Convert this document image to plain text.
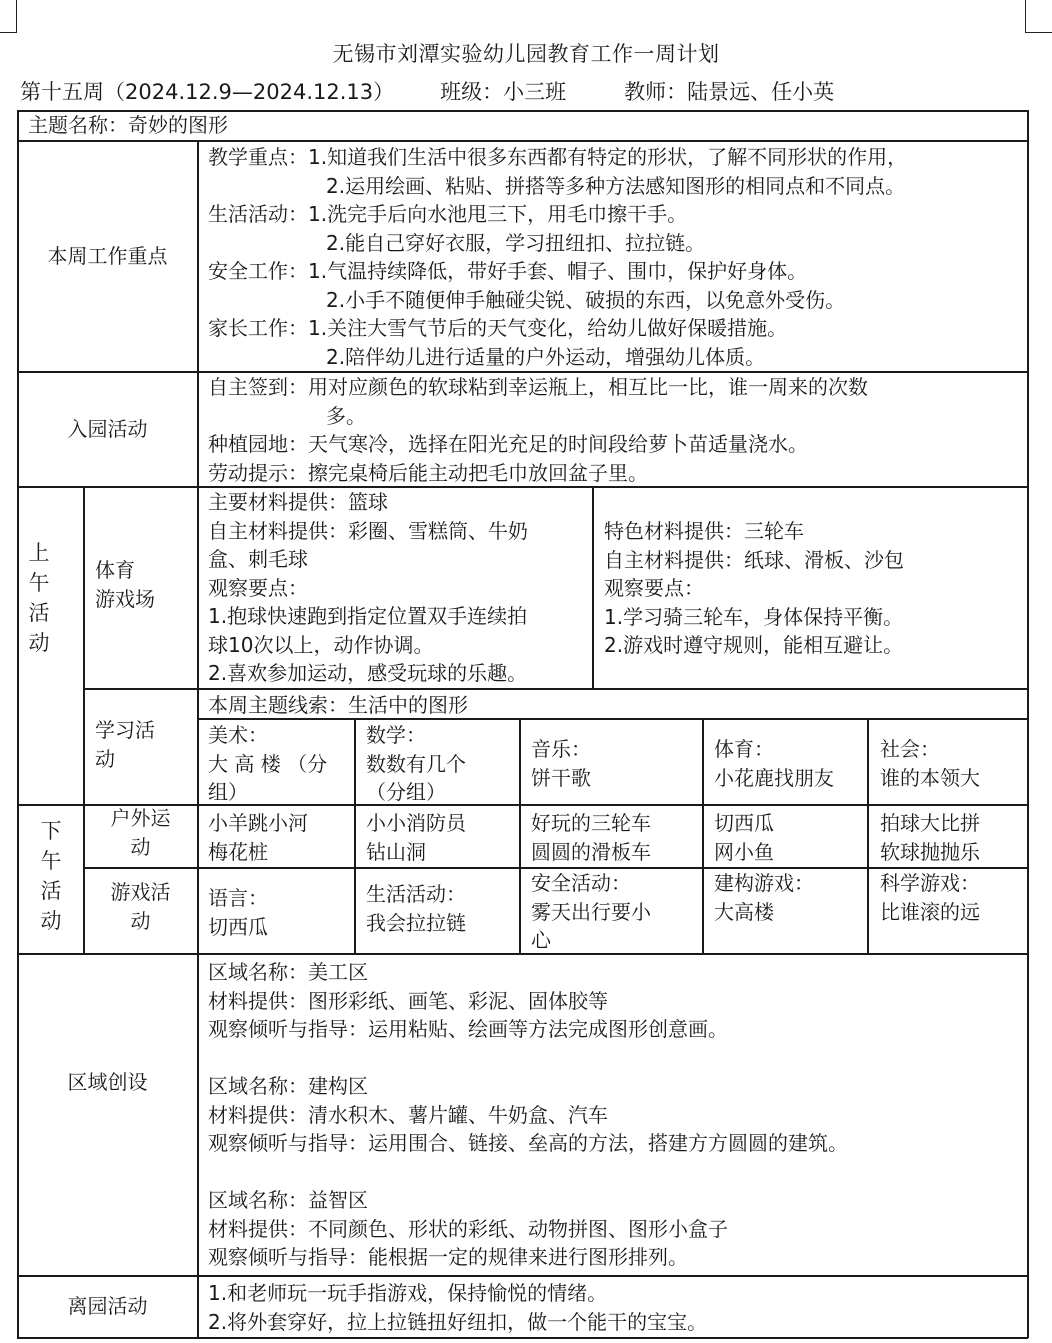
无锡市刘潭实验幼儿园教育工作一周计划
第十五周（2024.12.9—2024.12.13） 班级：小三班	教师：陆景远、任小英
主题名称：奇妙的图形
本周工作重点
教学重点：1.知道我们生活中很多东西都有特定的形状，了解不同形状的作用，
2.运用绘画、粘贴、拼搭等多种方法感知图形的相同点和不同点。
生活活动：1.洗完手后向水池甩三下，用毛巾擦干手。
2.能自己穿好衣服，学习扭纽扣、拉拉链。
安全工作：1.气温持续降低，带好手套、帽子、围巾，保护好身体。
2.小手不随便伸手触碰尖锐、破损的东西，以免意外受伤。
家长工作：1.关注大雪气节后的天气变化，给幼儿做好保暖措施。
2.陪伴幼儿进行适量的户外运动，增强幼儿体质。
入园活动
自主签到：用对应颜色的软球粘到幸运瓶上，相互比一比，谁一周来的次数
多。
种植园地：天气寒冷，选择在阳光充足的时间段给萝卜苗适量浇水。
劳动提示：擦完桌椅后能主动把毛巾放回盆子里。
上
午
活
动
体育
游戏场
主要材料提供：篮球
自主材料提供：彩圈、雪糕筒、牛奶
盒、刺毛球
观察要点：
1.抱球快速跑到指定位置双手连续拍
球10次以上，动作协调。
2.喜欢参加运动，感受玩球的乐趣。
特色材料提供：三轮车
自主材料提供：纸球、滑板、沙包
观察要点：
1.学习骑三轮车，身体保持平衡。
2.游戏时遵守规则，能相互避让。
学习活
动
本周主题线索：生活中的图形
美术：
大 高 楼 （分
组）
数学：
数数有几个
（分组）
音乐：
饼干歌
体育：
小花鹿找朋友
社会：
谁的本领大
下
午
活
动
户外运
动
小羊跳小河
梅花桩
小小消防员
钻山洞
好玩的三轮车
圆圆的滑板车
切西瓜
网小鱼
拍球大比拼
软球抛抛乐
游戏活
动
语言：
切西瓜
生活活动：
我会拉拉链
安全活动：
雾天出行要小
心
建构游戏：
大高楼
科学游戏：
比谁滚的远
区域创设
区域名称：美工区
材料提供：图形彩纸、画笔、彩泥、固体胶等
观察倾听与指导：运用粘贴、绘画等方法完成图形创意画。
区域名称：建构区
材料提供：清水积木、薯片罐、牛奶盒、汽车
观察倾听与指导：运用围合、链接、垒高的方法，搭建方方圆圆的建筑。
区域名称：益智区
材料提供：不同颜色、形状的彩纸、动物拼图、图形小盒子
观察倾听与指导：能根据一定的规律来进行图形排列。
离园活动
1.和老师玩一玩手指游戏，保持愉悦的情绪。
2.将外套穿好，拉上拉链扭好纽扣，做一个能干的宝宝。
